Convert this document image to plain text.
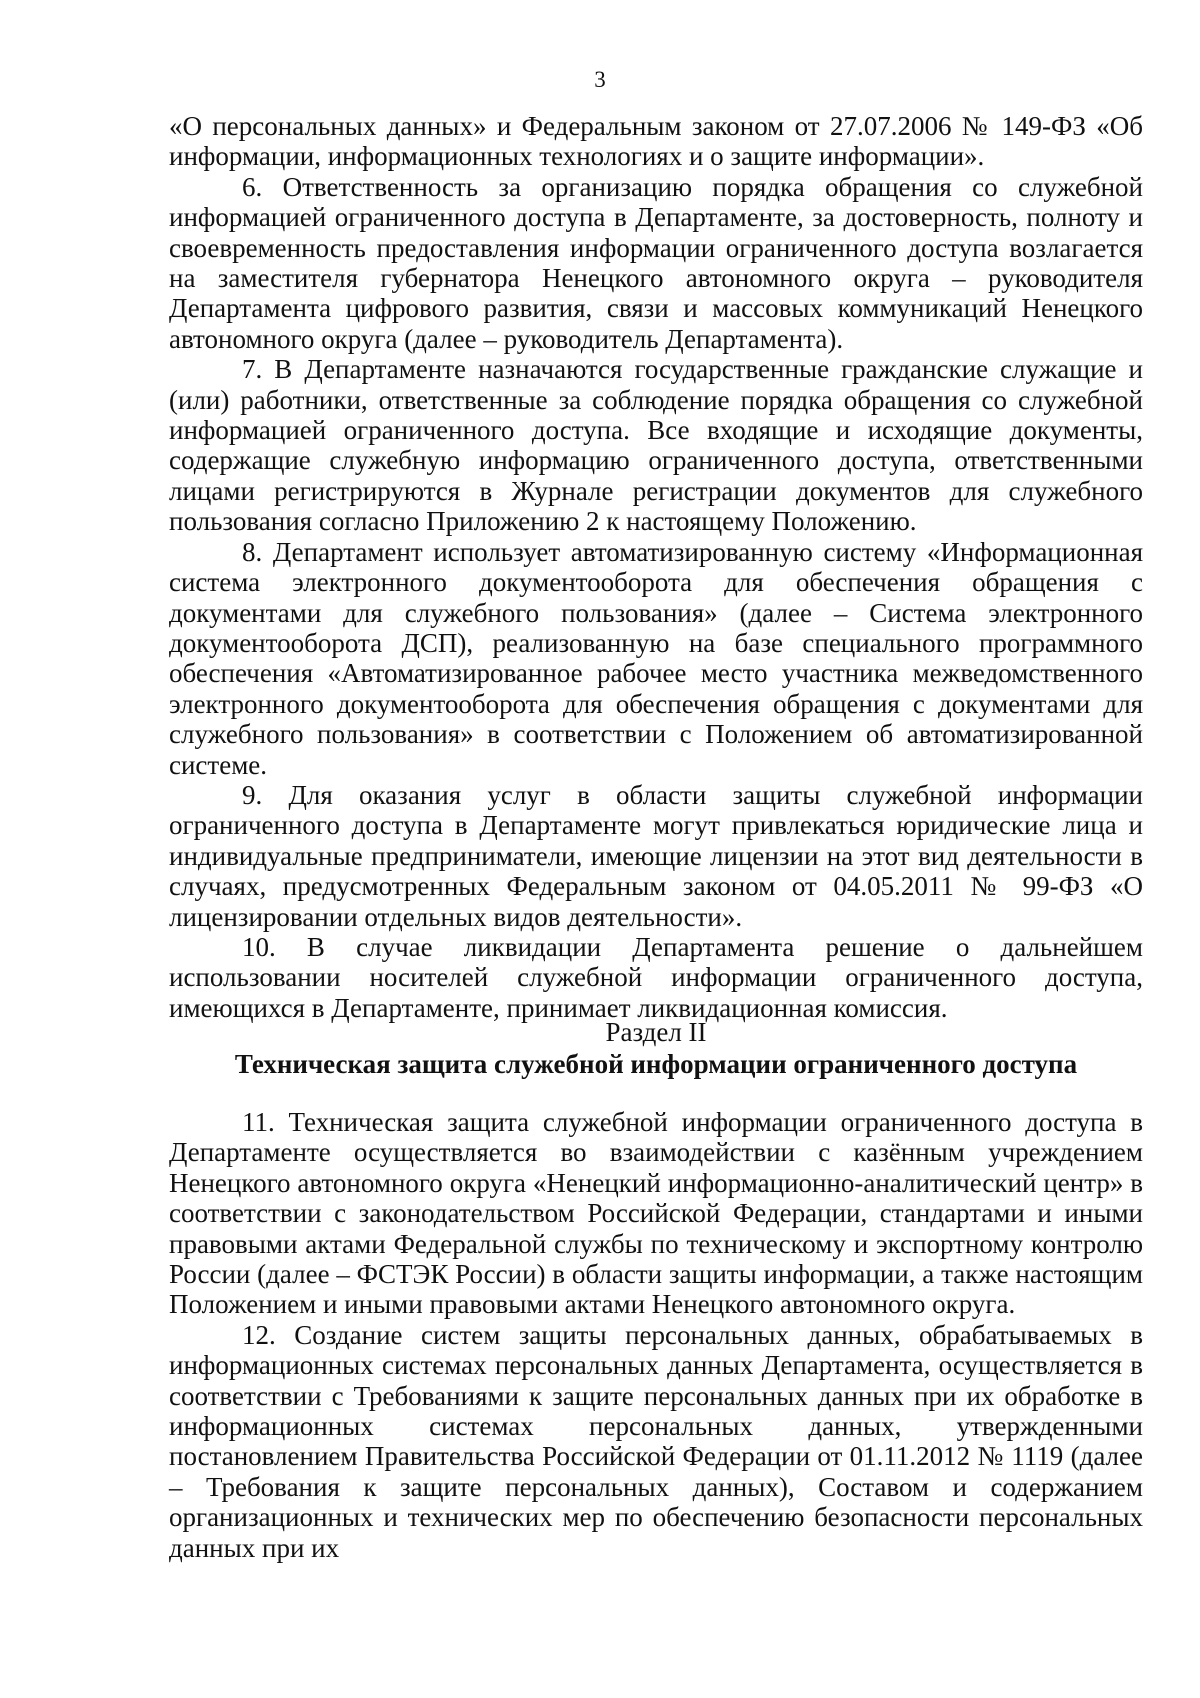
3

«О персональных данных» и Федеральным законом от 27.07.2006 № 149-ФЗ «Об информации, информационных технологиях и о защите информации».

6. Ответственность за организацию порядка обращения со служебной информацией ограниченного доступа в Департаменте, за достоверность, полноту и своевременность предоставления информации ограниченного доступа возлагается на заместителя губернатора Ненецкого автономного округа – руководителя Департамента цифрового развития, связи и массовых коммуникаций Ненецкого автономного округа (далее – руководитель Департамента).

7. В Департаменте назначаются государственные гражданские служащие и (или) работники, ответственные за соблюдение порядка обращения со служебной информацией ограниченного доступа. Все входящие и исходящие документы, содержащие служебную информацию ограниченного доступа, ответственными лицами регистрируются в Журнале регистрации документов для служебного пользования согласно Приложению 2 к настоящему Положению.

8. Департамент использует автоматизированную систему «Информационная система электронного документооборота для обеспечения обращения с документами для служебного пользования» (далее – Система электронного документооборота ДСП), реализованную на базе специального программного обеспечения «Автоматизированное рабочее место участника межведомственного электронного документооборота для обеспечения обращения с документами для служебного пользования» в соответствии с Положением об автоматизированной системе.

9. Для оказания услуг в области защиты служебной информации ограниченного доступа в Департаменте могут привлекаться юридические лица и индивидуальные предприниматели, имеющие лицензии на этот вид деятельности в случаях, предусмотренных Федеральным законом от 04.05.2011 № 99-ФЗ «О лицензировании отдельных видов деятельности».

10. В случае ликвидации Департамента решение о дальнейшем использовании носителей служебной информации ограниченного доступа, имеющихся в Департаменте, принимает ликвидационная комиссия.

Раздел II
Техническая защита служебной информации ограниченного доступа

11. Техническая защита служебной информации ограниченного доступа в Департаменте осуществляется во взаимодействии с казённым учреждением Ненецкого автономного округа «Ненецкий информационно-аналитический центр» в соответствии с законодательством Российской Федерации, стандартами и иными правовыми актами Федеральной службы по техническому и экспортному контролю России (далее – ФСТЭК России) в области защиты информации, а также настоящим Положением и иными правовыми актами Ненецкого автономного округа.

12. Создание систем защиты персональных данных, обрабатываемых в информационных системах персональных данных Департамента, осуществляется в соответствии с Требованиями к защите персональных данных при их обработке в информационных системах персональных данных, утвержденными постановлением Правительства Российской Федерации от 01.11.2012 № 1119 (далее – Требования к защите персональных данных), Составом и содержанием организационных и технических мер по обеспечению безопасности персональных данных при их
